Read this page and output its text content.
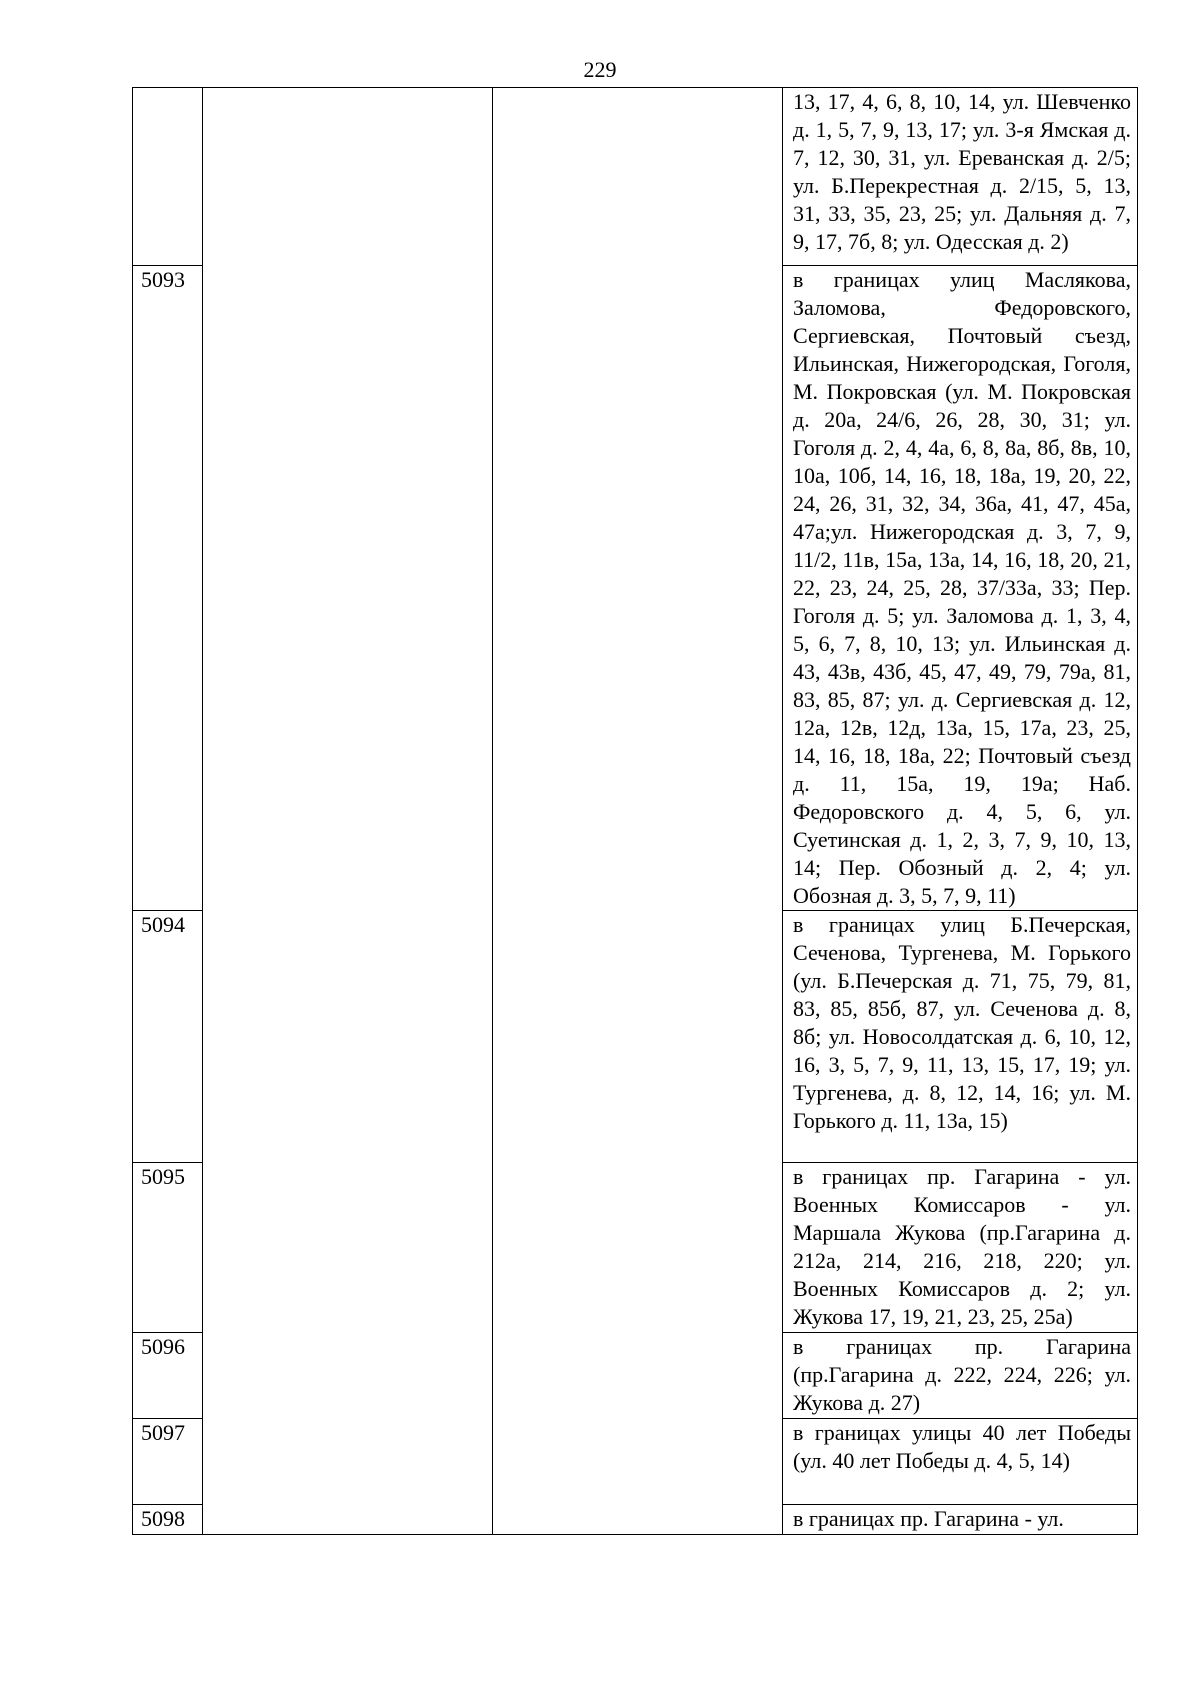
229

			13, 17, 4, 6, 8, 10, 14, ул. Шевченко д. 1, 5, 7, 9, 13, 17; ул. 3-я Ямская д. 7, 12, 30, 31, ул. Ереванская д. 2/5; ул. Б.Перекрестная д. 2/15, 5, 13, 31, 33, 35, 23, 25; ул. Дальняя д. 7, 9, 17, 7б, 8; ул. Одесская д. 2)

5093			в границах улиц Маслякова, Заломова, Федоровского, Сергиевская, Почтовый съезд, Ильинская, Нижегородская, Гоголя, М. Покровская (ул. М. Покровская д. 20а, 24/6, 26, 28, 30, 31; ул. Гоголя д. 2, 4, 4а, 6, 8, 8а, 8б, 8в, 10, 10а, 10б, 14, 16, 18, 18а, 19, 20, 22, 24, 26, 31, 32, 34, 36а, 41, 47, 45а, 47а;ул. Нижегородская д. 3, 7, 9, 11/2, 11в, 15а, 13а, 14, 16, 18, 20, 21, 22, 23, 24, 25, 28, 37/33а, 33; Пер. Гоголя д. 5; ул. Заломова д. 1, 3, 4, 5, 6, 7, 8, 10, 13; ул. Ильинская д. 43, 43в, 43б, 45, 47, 49, 79, 79а, 81, 83, 85, 87; ул. д. Сергиевская д. 12, 12а, 12в, 12д, 13а, 15, 17а, 23, 25, 14, 16, 18, 18а, 22; Почтовый съезд д. 11, 15а, 19, 19а; Наб. Федоровского д. 4, 5, 6, ул. Суетинская д. 1, 2, 3, 7, 9, 10, 13, 14; Пер. Обозный д. 2, 4; ул. Обозная д. 3, 5, 7, 9, 11)

5094			в границах улиц Б.Печерская, Сеченова, Тургенева, М. Горького (ул. Б.Печерская д. 71, 75, 79, 81, 83, 85, 85б, 87, ул. Сеченова д. 8, 8б; ул. Новосолдатская д. 6, 10, 12, 16, 3, 5, 7, 9, 11, 13, 15, 17, 19; ул. Тургенева, д. 8, 12, 14, 16; ул. М. Горького д. 11, 13а, 15)

5095			в границах пр. Гагарина - ул. Военных Комиссаров - ул. Маршала Жукова (пр.Гагарина д. 212а, 214, 216, 218, 220; ул. Военных Комиссаров д. 2; ул. Жукова 17, 19, 21, 23, 25, 25а)

5096			в границах пр. Гагарина (пр.Гагарина д. 222, 224, 226; ул. Жукова д. 27)

5097			в границах улицы 40 лет Победы (ул. 40 лет Победы д. 4, 5, 14)

5098			в границах пр. Гагарина - ул.
